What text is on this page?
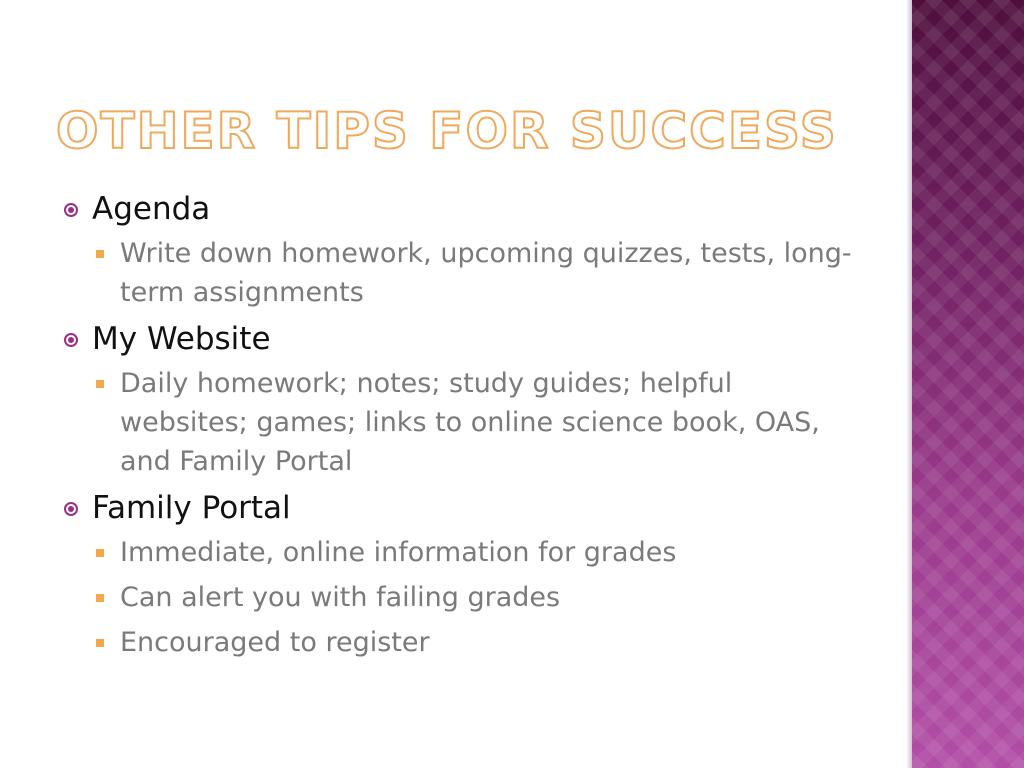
OTHER TIPS FOR SUCCESS
Agenda
Write down homework, upcoming quizzes, tests, long-term assignments
My Website
Daily homework; notes; study guides; helpful websites; games; links to online science book, OAS, and Family Portal
Family Portal
Immediate, online information for grades
Can alert you with failing grades
Encouraged to register
